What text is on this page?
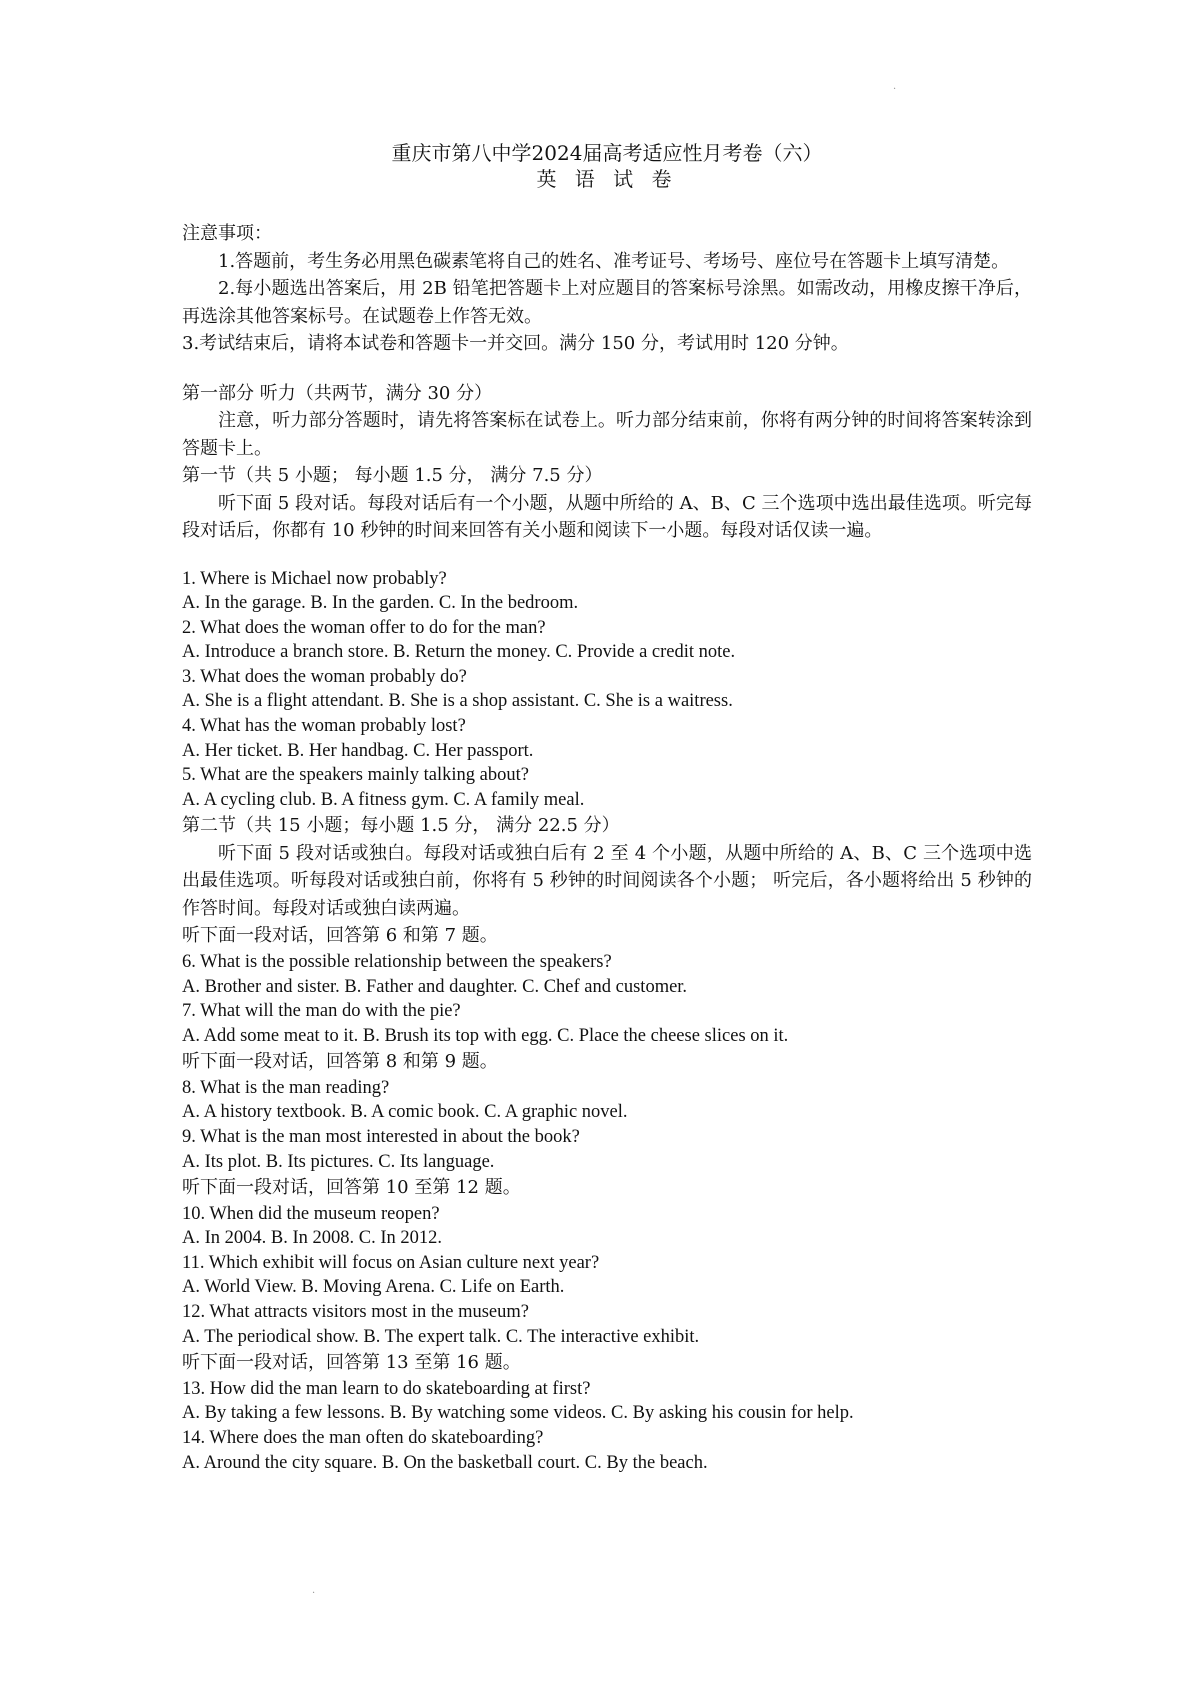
·
·
重庆市第八中学2024届高考适应性月考卷（六）
英 语 试 卷

注意事项：

1.答题前，考生务必用黑色碳素笔将自己的姓名、准考证号、考场号、座位号在答题卡上填写清楚。

2.每小题选出答案后，用 2B 铅笔把答题卡上对应题目的答案标号涂黑。如需改动，用橡皮擦干净后，再选涂其他答案标号。在试题卷上作答无效。

3.考试结束后，请将本试卷和答题卡一并交回。满分 150 分，考试用时 120 分钟。

第一部分 听力（共两节，满分 30 分）

注意，听力部分答题时，请先将答案标在试卷上。听力部分结束前，你将有两分钟的时间将答案转涂到答题卡上。

第一节（共 5 小题； 每小题 1.5 分， 满分 7.5 分）

听下面 5 段对话。每段对话后有一个小题，从题中所给的 A、B、C 三个选项中选出最佳选项。听完每段对话后，你都有 10 秒钟的时间来回答有关小题和阅读下一小题。每段对话仅读一遍。

1. Where is Michael now probably?

A. In the garage. B. In the garden. C. In the bedroom.

2. What does the woman offer to do for the man?

A. Introduce a branch store. B. Return the money. C. Provide a credit note.

3. What does the woman probably do?

A. She is a flight attendant. B. She is a shop assistant. C. She is a waitress.

4. What has the woman probably lost?

A. Her ticket. B. Her handbag. C. Her passport.

5. What are the speakers mainly talking about?

A. A cycling club. B. A fitness gym. C. A family meal.

第二节（共 15 小题；每小题 1.5 分， 满分 22.5 分）

听下面 5 段对话或独白。每段对话或独白后有 2 至 4 个小题，从题中所给的 A、B、C 三个选项中选出最佳选项。听每段对话或独白前，你将有 5 秒钟的时间阅读各个小题； 听完后，各小题将给出 5 秒钟的作答时间。每段对话或独白读两遍。

听下面一段对话，回答第 6 和第 7 题。

6. What is the possible relationship between the speakers?

A. Brother and sister. B. Father and daughter. C. Chef and customer.

7. What will the man do with the pie?

A. Add some meat to it. B. Brush its top with egg. C. Place the cheese slices on it.

听下面一段对话，回答第 8 和第 9 题。

8. What is the man reading?

A. A history textbook. B. A comic book. C. A graphic novel.

9. What is the man most interested in about the book?

A. Its plot. B. Its pictures. C. Its language.

听下面一段对话，回答第 10 至第 12 题。

10. When did the museum reopen?

A. In 2004. B. In 2008. C. In 2012.

11. Which exhibit will focus on Asian culture next year?

A. World View. B. Moving Arena. C. Life on Earth.

12. What attracts visitors most in the museum?

A. The periodical show. B. The expert talk. C. The interactive exhibit.

听下面一段对话，回答第 13 至第 16 题。

13. How did the man learn to do skateboarding at first?

A. By taking a few lessons. B. By watching some videos. C. By asking his cousin for help.

14. Where does the man often do skateboarding?

A. Around the city square. B. On the basketball court. C. By the beach.
